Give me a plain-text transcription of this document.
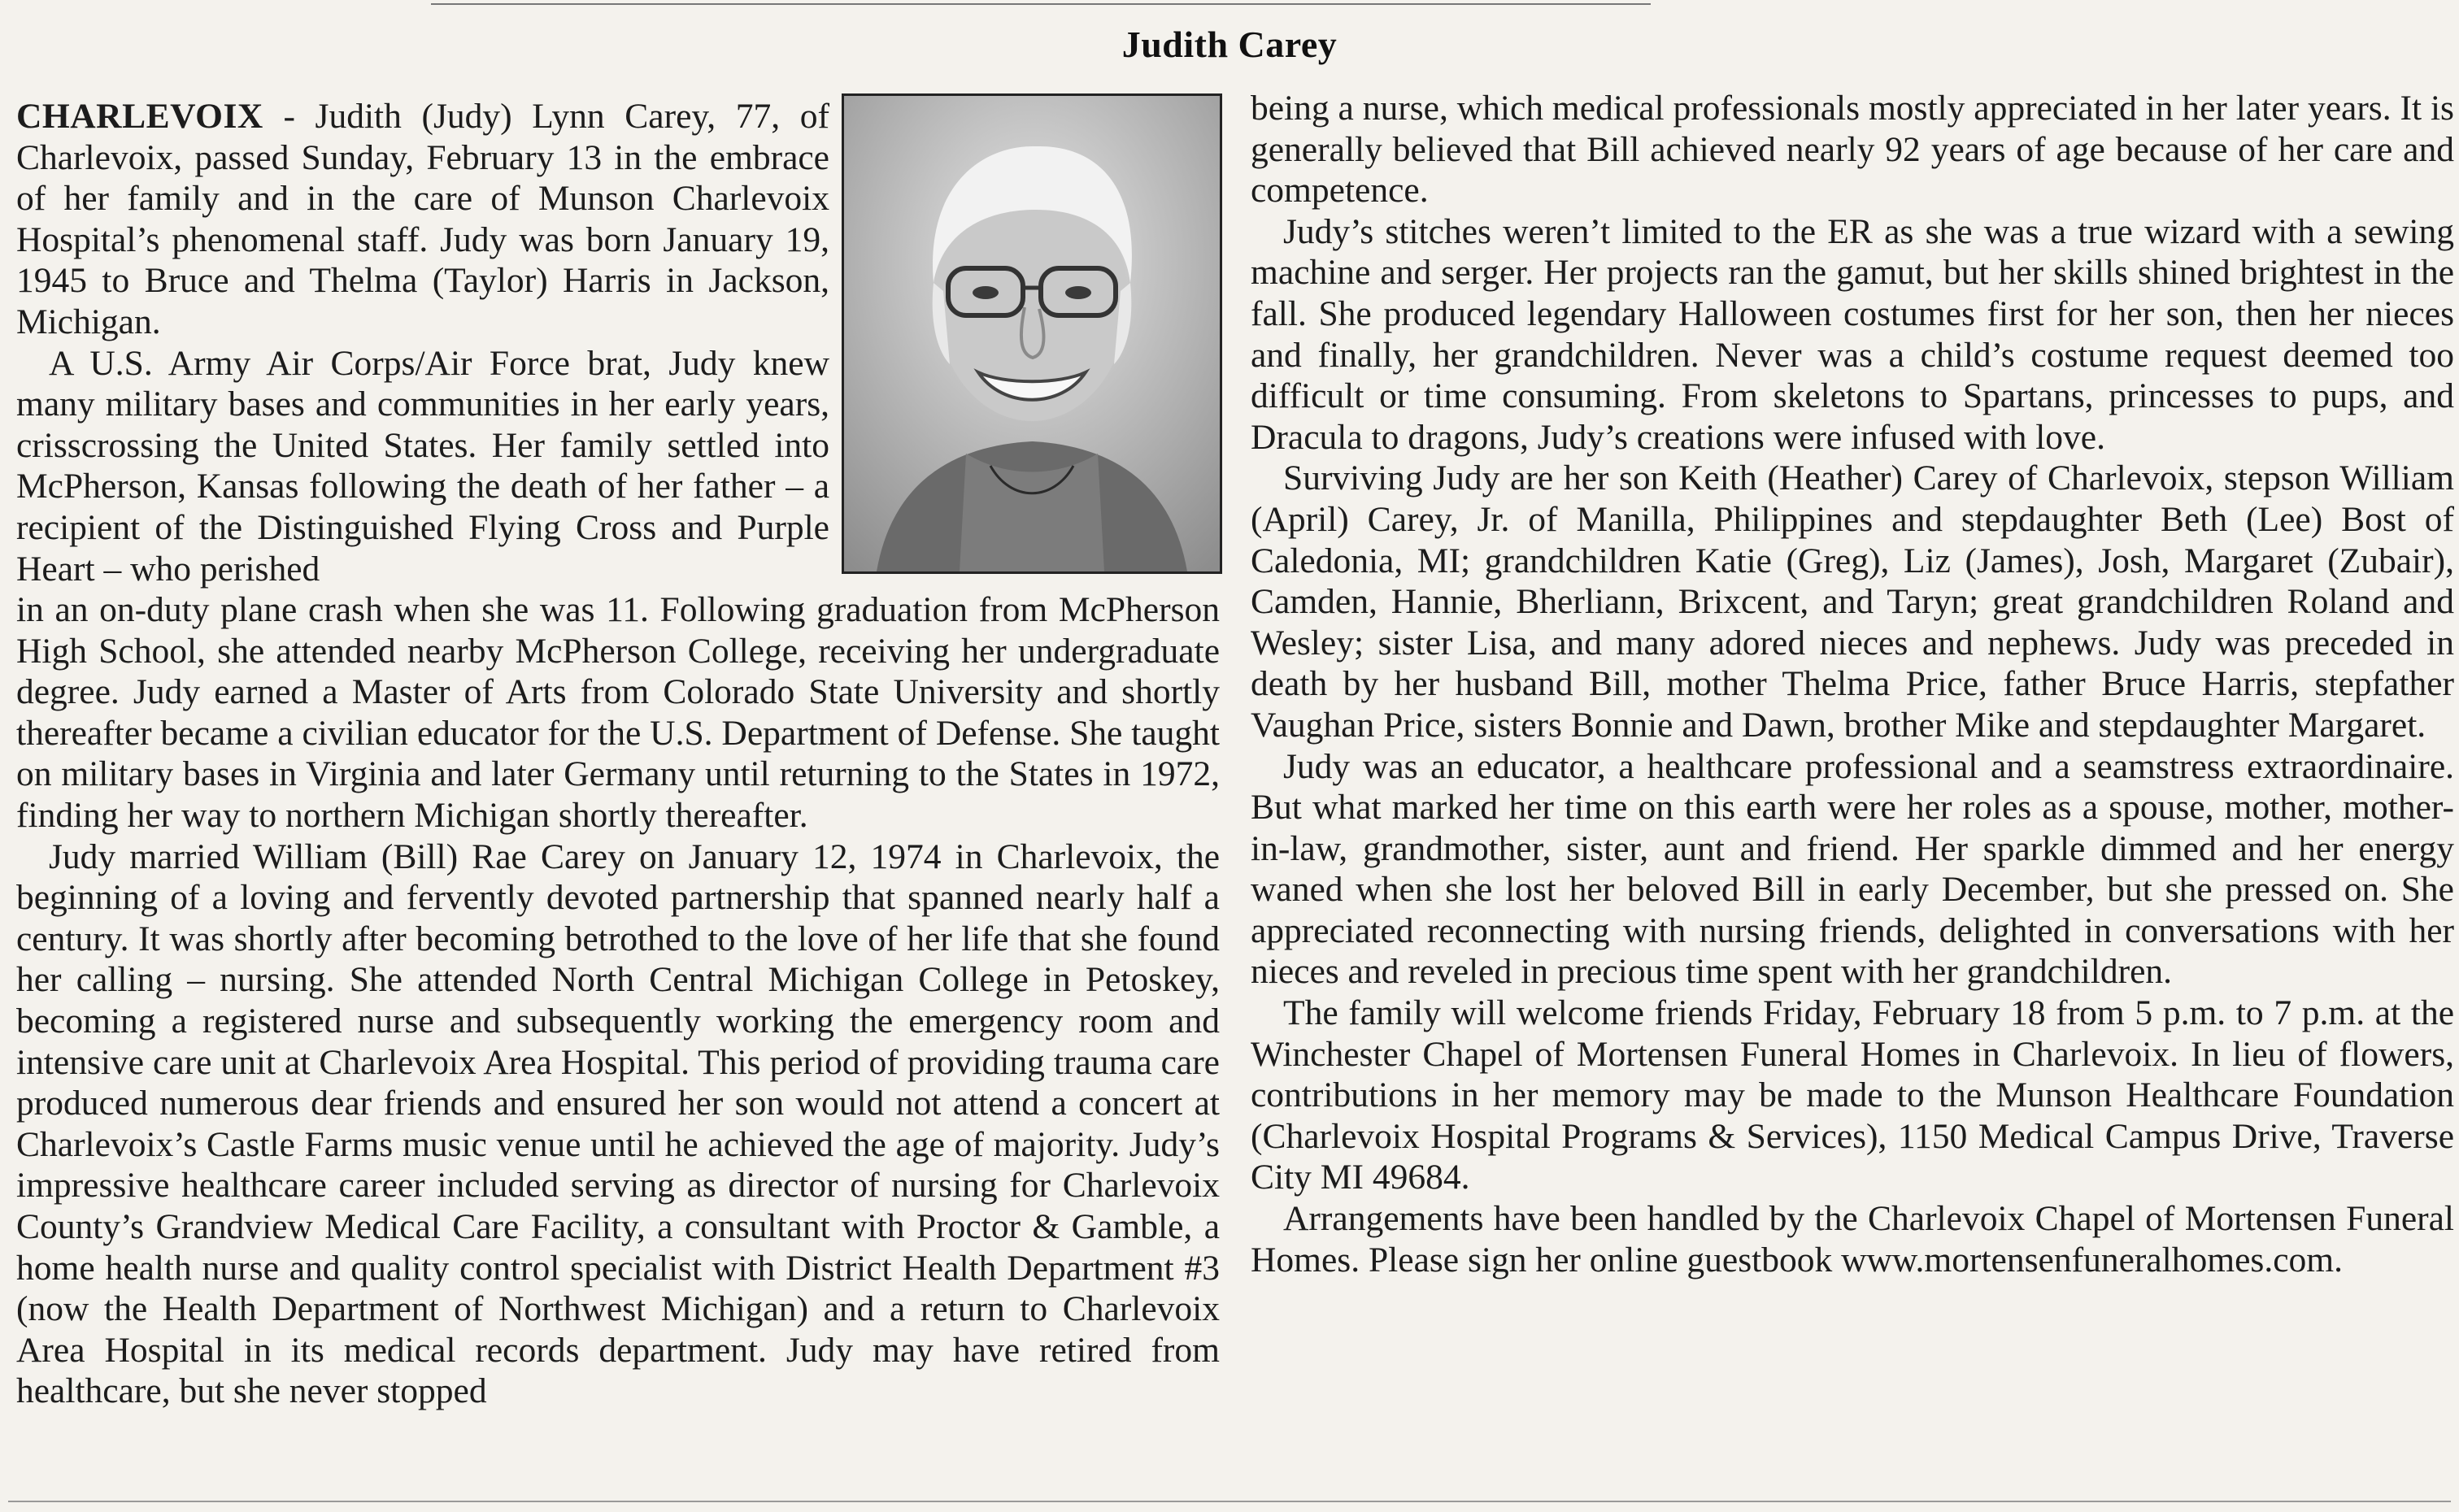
Judith Carey

CHARLEVOIX - Judith (Judy) Lynn Carey, 77, of Charlevoix, passed Sunday, February 13 in the embrace of her family and in the care of Munson Charlevoix Hospital’s phenomenal staff. Judy was born January 19, 1945 to Bruce and Thelma (Taylor) Harris in Jackson, Michigan.

A U.S. Army Air Corps/Air Force brat, Judy knew many military bases and communities in her early years, crisscrossing the United States. Her family settled into McPherson, Kansas following the death of her father – a recipient of the Distinguished Flying Cross and Purple Heart – who perished

in an on-duty plane crash when she was 11. Following graduation from McPherson High School, she attended nearby McPherson College, receiving her undergraduate degree. Judy earned a Master of Arts from Colorado State University and shortly thereafter became a civilian educator for the U.S. Department of Defense. She taught on military bases in Virginia and later Germany until returning to the States in 1972, finding her way to northern Michigan shortly thereafter.

Judy married William (Bill) Rae Carey on January 12, 1974 in Charlevoix, the beginning of a loving and fervently devoted partnership that spanned nearly half a century. It was shortly after becoming betrothed to the love of her life that she found her calling – nursing. She attended North Central Michigan College in Petoskey, becoming a registered nurse and subsequently working the emergency room and intensive care unit at Charlevoix Area Hospital. This period of providing trauma care produced numerous dear friends and ensured her son would not attend a concert at Charlevoix’s Castle Farms music venue until he achieved the age of majority. Judy’s impressive healthcare career included serving as director of nursing for Charlevoix County’s Grandview Medical Care Facility, a consultant with Proctor & Gamble, a home health nurse and quality control specialist with District Health Department #3 (now the Health Department of Northwest Michigan) and a return to Charlevoix Area Hospital in its medical records department. Judy may have retired from healthcare, but she never stopped

being a nurse, which medical professionals mostly appreciated in her later years. It is generally believed that Bill achieved nearly 92 years of age because of her care and competence.

Judy’s stitches weren’t limited to the ER as she was a true wizard with a sewing machine and serger. Her projects ran the gamut, but her skills shined brightest in the fall. She produced legendary Halloween costumes first for her son, then her nieces and finally, her grandchildren. Never was a child’s costume request deemed too difficult or time consuming. From skeletons to Spartans, princesses to pups, and Dracula to dragons, Judy’s creations were infused with love.

Surviving Judy are her son Keith (Heather) Carey of Charlevoix, stepson William (April) Carey, Jr. of Manilla, Philippines and stepdaughter Beth (Lee) Bost of Caledonia, MI; grandchildren Katie (Greg), Liz (James), Josh, Margaret (Zubair), Camden, Hannie, Bherliann, Brixcent, and Taryn; great grandchildren Roland and Wesley; sister Lisa, and many adored nieces and nephews. Judy was preceded in death by her husband Bill, mother Thelma Price, father Bruce Harris, stepfather Vaughan Price, sisters Bonnie and Dawn, brother Mike and stepdaughter Margaret.

Judy was an educator, a healthcare professional and a seamstress extraordinaire. But what marked her time on this earth were her roles as a spouse, mother, mother-in-law, grandmother, sister, aunt and friend. Her sparkle dimmed and her energy waned when she lost her beloved Bill in early December, but she pressed on. She appreciated reconnecting with nursing friends, delighted in conversations with her nieces and reveled in precious time spent with her grandchildren.

The family will welcome friends Friday, February 18 from 5 p.m. to 7 p.m. at the Winchester Chapel of Mortensen Funeral Homes in Charlevoix. In lieu of flowers, contributions in her memory may be made to the Munson Healthcare Foundation (Charlevoix Hospital Programs & Services), 1150 Medical Campus Drive, Traverse City MI 49684.

Arrangements have been handled by the Charlevoix Chapel of Mortensen Funeral Homes. Please sign her online guestbook www.mortensenfuneralhomes.com.
